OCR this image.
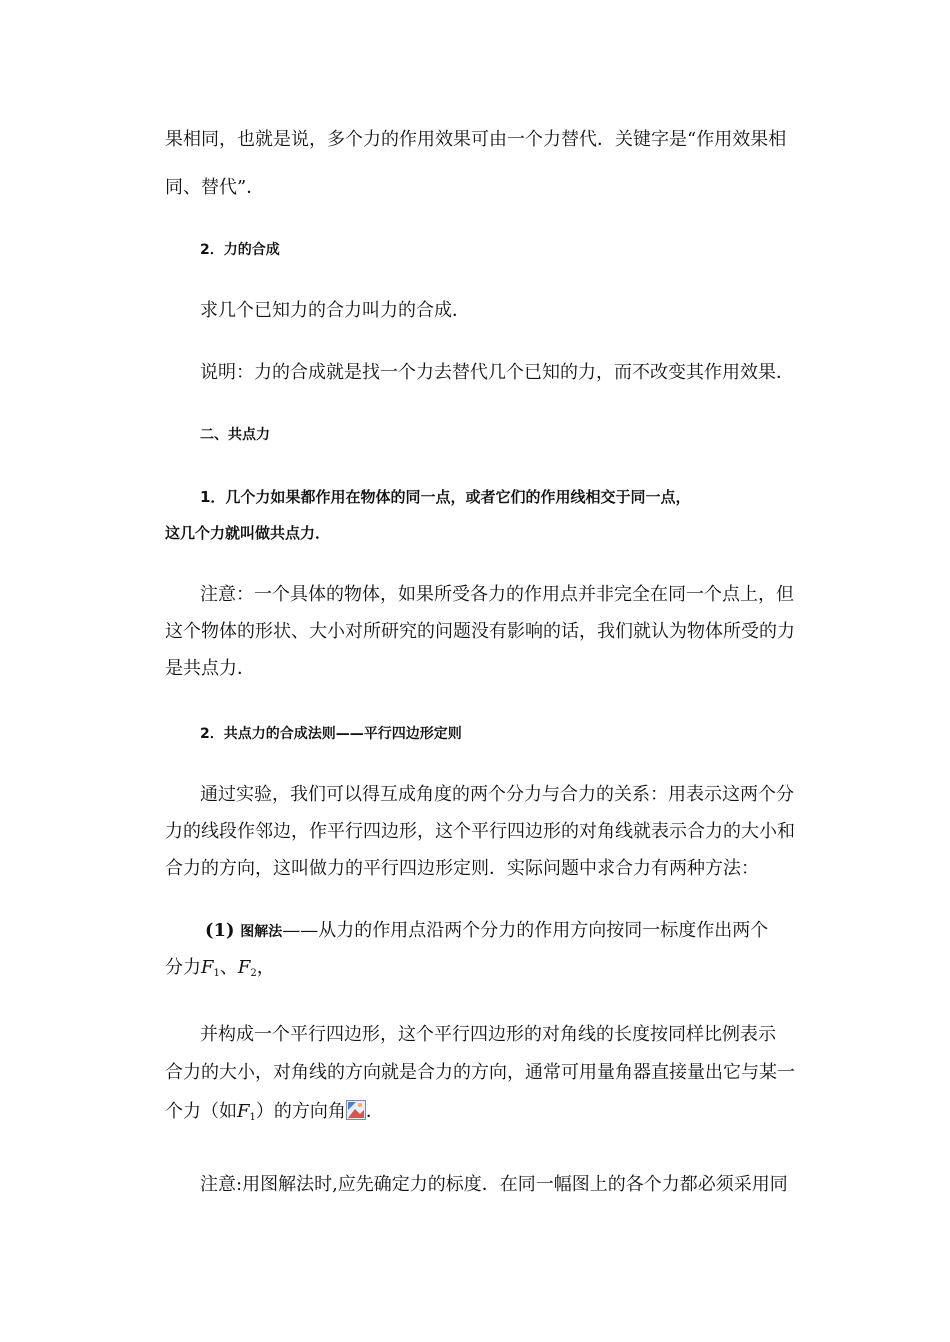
果相同，也就是说，多个力的作用效果可由一个力替代．关键字是“作用效果相
同、替代”．
2．力的合成
求几个已知力的合力叫力的合成．
说明：力的合成就是找一个力去替代几个已知的力，而不改变其作用效果．
二、共点力
1．几个力如果都作用在物体的同一点，或者它们的作用线相交于同一点，
这几个力就叫做共点力．
注意：一个具体的物体，如果所受各力的作用点并非完全在同一个点上，但
这个物体的形状、大小对所研究的问题没有影响的话，我们就认为物体所受的力
是共点力．
2．共点力的合成法则——平行四边形定则
通过实验，我们可以得互成角度的两个分力与合力的关系：用表示这两个分
力的线段作邻边，作平行四边形，这个平行四边形的对角线就表示合力的大小和
合力的方向，这叫做力的平行四边形定则．实际问题中求合力有两种方法：
(1) 图解法——从力的作用点沿两个分力的作用方向按同一标度作出两个
分力$F_1$、$F_2$，
并构成一个平行四边形，这个平行四边形的对角线的长度按同样比例表示
合力的大小，对角线的方向就是合力的方向，通常可用量角器直接量出它与某一
个力（如$F_1$）的方向角 ．
注意:用图解法时,应先确定力的标度．在同一幅图上的各个力都必须采用同
